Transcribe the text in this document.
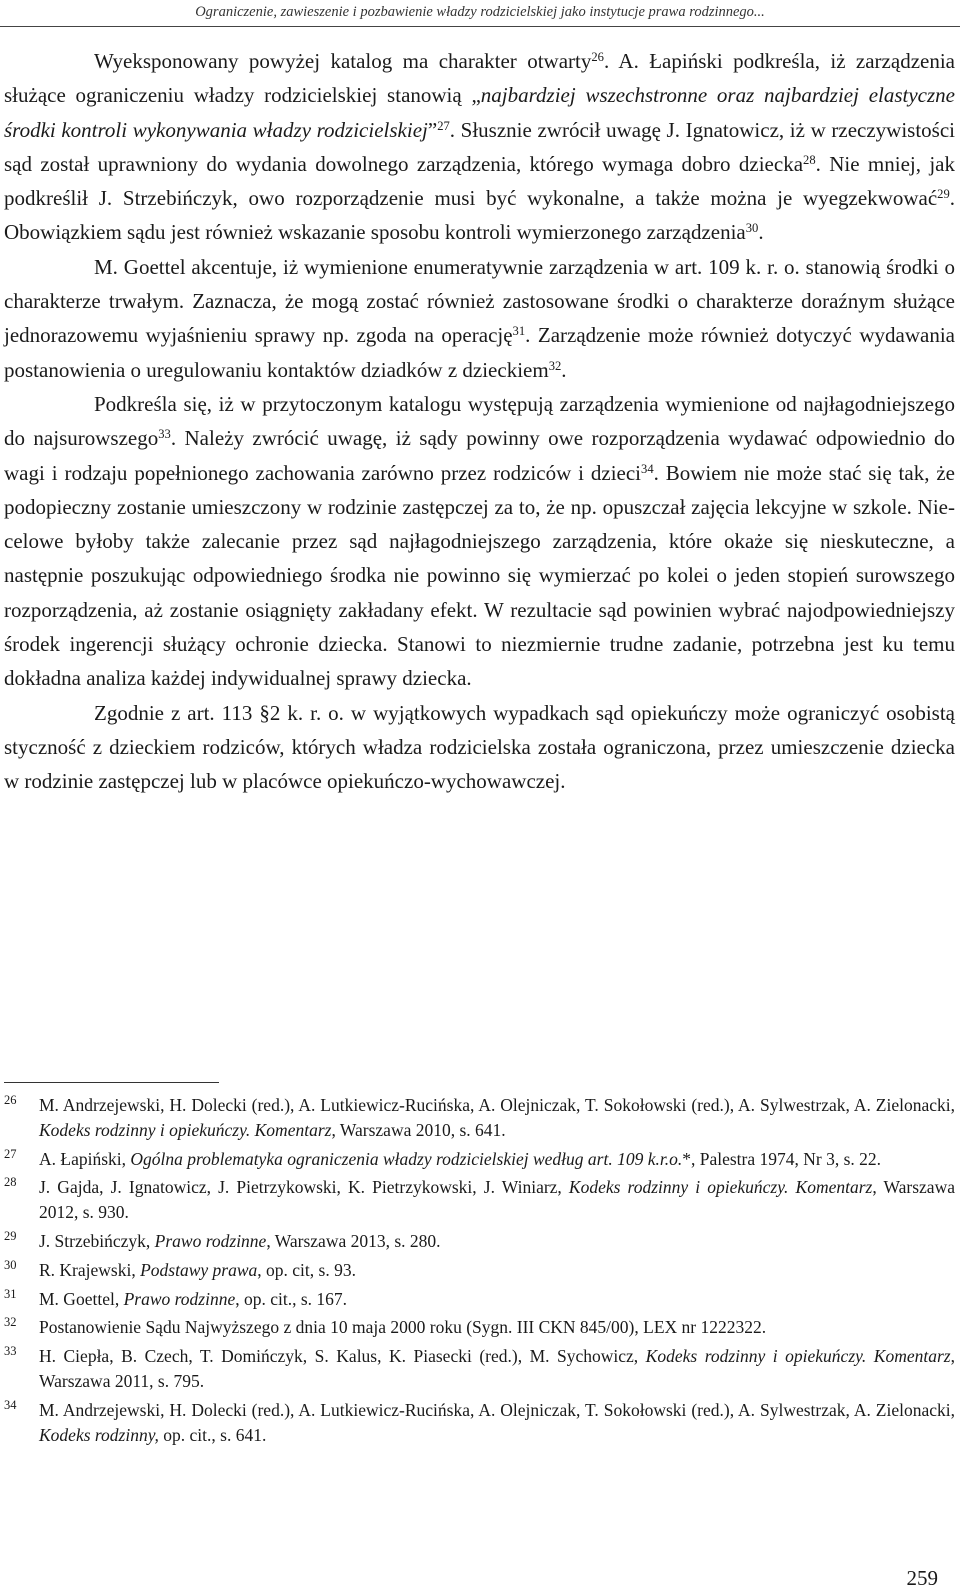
Ograniczenie, zawieszenie i pozbawienie władzy rodzicielskiej jako instytucje prawa rodzinnego...

Wyeksponowany powyżej katalog ma charakter otwarty$^{26}$. A. Łapiński podkreśla, iż zarządzenia służące ograniczeniu władzy rodzicielskiej stanowią „najbardziej wszechstronne oraz najbardziej elastyczne środki kontroli wykonywania władzy rodzicielskiej”$^{27}$. Słusznie zwrócił uwagę J. Ignatowicz, iż w rzeczywistości sąd został uprawniony do wydania dowolnego zarządzenia, którego wymaga dobro dziecka$^{28}$. Nie mniej, jak podkreślił J. Strzebińczyk, owo rozporządzenie musi być wykonalne, a także można je wyegzekwować$^{29}$. Obowiązkiem sądu jest również wskazanie sposobu kontroli wymierzonego zarządzenia$^{30}$.

M. Goettel akcentuje, iż wymienione enumeratywnie zarządzenia w art. 109 k. r. o. stanowią środki o charakterze trwałym. Zaznacza, że mogą zostać również zastosowane środki o charakterze doraźnym służące jednorazowemu wyjaśnieniu sprawy np. zgoda na operację$^{31}$. Zarządzenie może również dotyczyć wydawania postanowienia o uregulowaniu kontaktów dziadków z dzieckiem$^{32}$.

Podkreśla się, iż w przytoczonym katalogu występują zarządzenia wymienione od najłagodniejszego do najsurowszego$^{33}$. Należy zwrócić uwagę, iż sądy powinny owe rozporządzenia wydawać odpowiednio do wagi i rodzaju popełnionego zachowania zarówno przez rodziców i dzieci$^{34}$. Bowiem nie może stać się tak, że podopieczny zostanie umieszczony w rodzinie zastępczej za to, że np. opuszczał zajęcia lekcyjne w szkole. Niecelowe byłoby także zalecanie przez sąd najłagodniejszego zarządzenia, które okaże się nieskuteczne, a następnie poszukując odpowiedniego środka nie powinno się wymierzać po kolei o jeden stopień surowszego rozporządzenia, aż zostanie osiągnięty zakładany efekt. W rezultacie sąd powinien wybrać najodpowiedniejszy środek ingerencji służący ochronie dziecka. Stanowi to niezmiernie trudne zadanie, potrzebna jest ku temu dokładna analiza każdej indywidualnej sprawy dziecka.

Zgodnie z art. 113 §2 k. r. o. w wyjątkowych wypadkach sąd opiekuńczy może ograniczyć osobistą styczność z dzieckiem rodziców, których władza rodzicielska została ograniczona, przez umieszczenie dziecka w rodzinie zastępczej lub w placówce opiekuńczo-wychowawczej.

26 M. Andrzejewski, H. Dolecki (red.), A. Lutkiewicz-Rucińska, A. Olejniczak, T. Sokołowski (red.), A. Sylwestrzak, A. Zielonacki, Kodeks rodzinny i opiekuńczy. Komentarz, Warszawa 2010, s. 641.
27 A. Łapiński, Ogólna problematyka ograniczenia władzy rodzicielskiej według art. 109 k.r.o.*, Palestra 1974, Nr 3, s. 22.
28 J. Gajda, J. Ignatowicz, J. Pietrzykowski, K. Pietrzykowski, J. Winiarz, Kodeks rodzinny i opiekuńczy. Komentarz, Warszawa 2012, s. 930.
29 J. Strzebińczyk, Prawo rodzinne, Warszawa 2013, s. 280.
30 R. Krajewski, Podstawy prawa, op. cit, s. 93.
31 M. Goettel, Prawo rodzinne, op. cit., s. 167.
32 Postanowienie Sądu Najwyższego z dnia 10 maja 2000 roku (Sygn. III CKN 845/00), LEX nr 1222322.
33 H. Ciepła, B. Czech, T. Domińczyk, S. Kalus, K. Piasecki (red.), M. Sychowicz, Kodeks rodzinny i opiekuńczy. Komentarz, Warszawa 2011, s. 795.
34 M. Andrzejewski, H. Dolecki (red.), A. Lutkiewicz-Rucińska, A. Olejniczak, T. Sokołowski (red.), A. Sylwestrzak, A. Zielonacki, Kodeks rodzinny, op. cit., s. 641.
259
